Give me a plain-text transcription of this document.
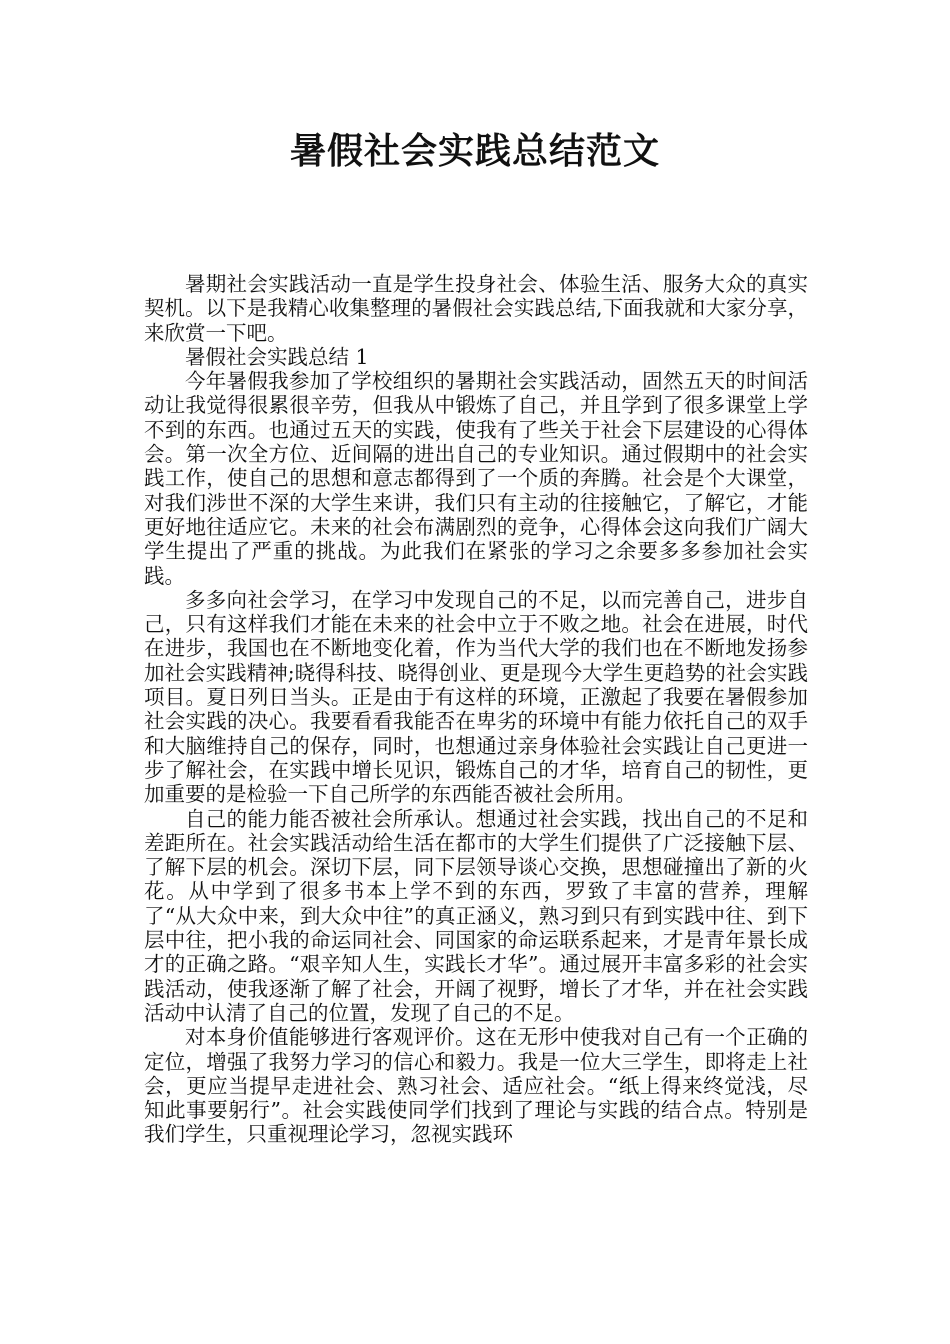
暑假社会实践总结范文

暑期社会实践活动一直是学生投身社会、体验生活、服务大众的真实契机。以下是我精心收集整理的暑假社会实践总结,下面我就和大家分享，来欣赏一下吧。

暑假社会实践总结 1

今年暑假我参加了学校组织的暑期社会实践活动，固然五天的时间活动让我觉得很累很辛劳，但我从中锻炼了自己，并且学到了很多课堂上学不到的东西。也通过五天的实践，使我有了些关于社会下层建设的心得体会。第一次全方位、近间隔的进出自己的专业知识。通过假期中的社会实践工作，使自己的思想和意志都得到了一个质的奔腾。社会是个大课堂，对我们涉世不深的大学生来讲，我们只有主动的往接触它，了解它，才能更好地往适应它。未来的社会布满剧烈的竞争，心得体会这向我们广阔大学生提出了严重的挑战。为此我们在紧张的学习之余要多多参加社会实践。

多多向社会学习，在学习中发现自己的不足，以而完善自己，进步自己，只有这样我们才能在未来的社会中立于不败之地。社会在进展，时代在进步，我国也在不断地变化着，作为当代大学的我们也在不断地发扬参加社会实践精神;晓得科技、晓得创业、更是现今大学生更趋势的社会实践项目。夏日列日当头。正是由于有这样的环境，正激起了我要在暑假参加社会实践的决心。我要看看我能否在卑劣的环境中有能力依托自己的双手和大脑维持自己的保存，同时，也想通过亲身体验社会实践让自己更进一步了解社会，在实践中增长见识，锻炼自己的才华，培育自己的韧性，更加重要的是检验一下自己所学的东西能否被社会所用。

自己的能力能否被社会所承认。想通过社会实践，找出自己的不足和差距所在。社会实践活动给生活在都市的大学生们提供了广泛接触下层、了解下层的机会。深切下层，同下层领导谈心交换，思想碰撞出了新的火花。从中学到了很多书本上学不到的东西，罗致了丰富的营养，理解了“从大众中来，到大众中往”的真正涵义，熟习到只有到实践中往、到下层中往，把小我的命运同社会、同国家的命运联系起来，才是青年景长成才的正确之路。“艰辛知人生，实践长才华”。通过展开丰富多彩的社会实践活动，使我逐渐了解了社会，开阔了视野，增长了才华，并在社会实践活动中认清了自己的位置，发现了自己的不足。

对本身价值能够进行客观评价。这在无形中使我对自己有一个正确的定位，增强了我努力学习的信心和毅力。我是一位大三学生，即将走上社会，更应当提早走进社会、熟习社会、适应社会。“纸上得来终觉浅，尽知此事要躬行”。社会实践使同学们找到了理论与实践的结合点。特别是我们学生，只重视理论学习，忽视实践环
